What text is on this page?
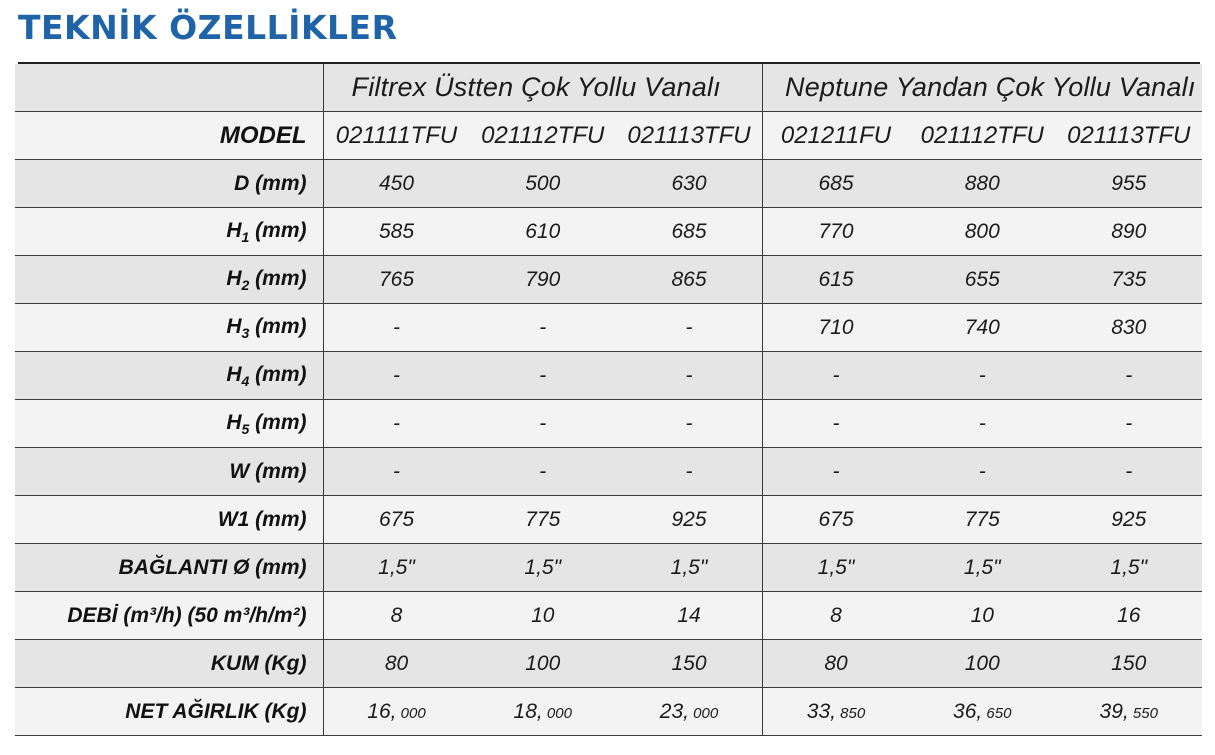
TEKNİK ÖZELLİKLER
	Filtrex Üstten Çok Yollu Vanalı			Neptune Yandan Çok Yollu Vanalı		
MODEL	021111TFU	021112TFU	021113TFU	021211FU	021112TFU	021113TFU
D (mm)	450	500	630	685	880	955
$H_1$ (mm)	585	610	685	770	800	890
$H_2$ (mm)	765	790	865	615	655	735
$H_3$ (mm)	-	-	-	710	740	830
$H_4$ (mm)	-	-	-	-	-	-
$H_5$ (mm)	-	-	-	-	-	-
W (mm)	-	-	-	-	-	-
W1 (mm)	675	775	925	675	775	925
BAĞLANTI Ø (mm)	1,5"	1,5"	1,5"	1,5"	1,5"	1,5"
DEBİ (m³/h) (50 m³/h/m²)	8	10	14	8	10	16
KUM (Kg)	80	100	150	80	100	150
NET AĞIRLIK (Kg)	16, 000	18, 000	23, 000	33, 850	36, 650	39, 550
